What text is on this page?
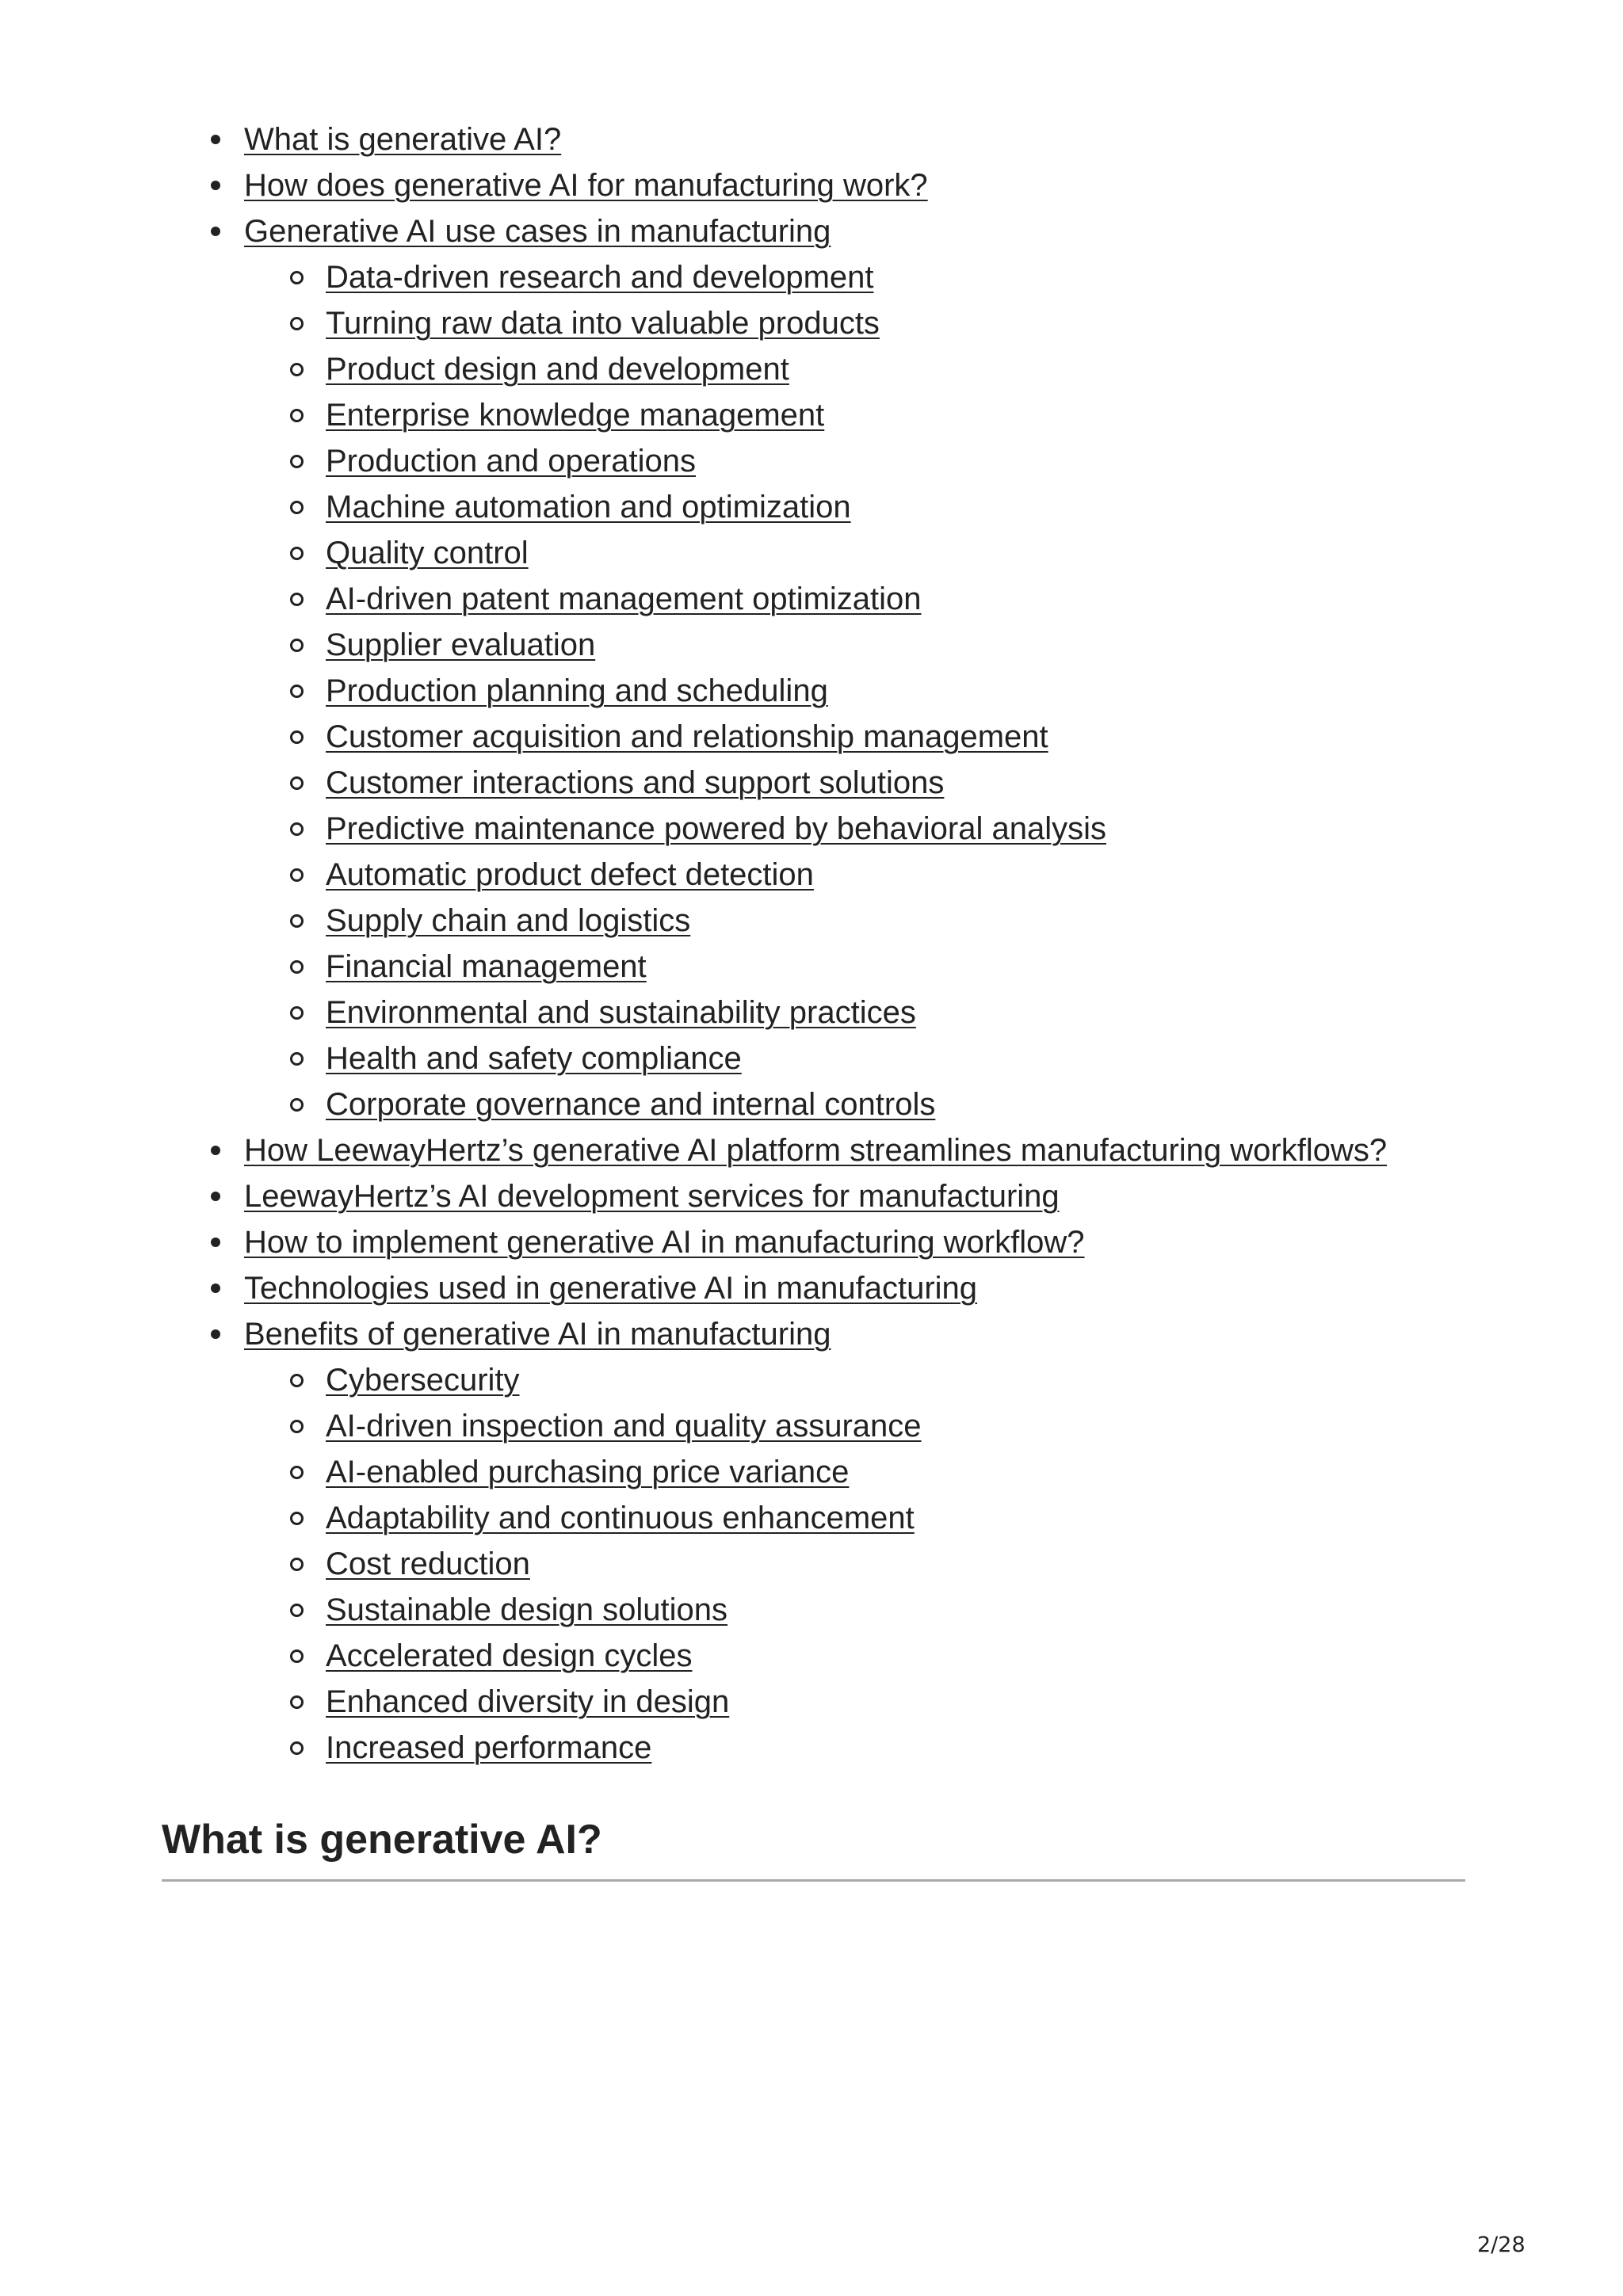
What is generative AI?
How does generative AI for manufacturing work?
Generative AI use cases in manufacturing
Data-driven research and development
Turning raw data into valuable products
Product design and development
Enterprise knowledge management
Production and operations
Machine automation and optimization
Quality control
AI-driven patent management optimization
Supplier evaluation
Production planning and scheduling
Customer acquisition and relationship management
Customer interactions and support solutions
Predictive maintenance powered by behavioral analysis
Automatic product defect detection
Supply chain and logistics
Financial management
Environmental and sustainability practices
Health and safety compliance
Corporate governance and internal controls
How LeewayHertz’s generative AI platform streamlines manufacturing workflows?
LeewayHertz’s AI development services for manufacturing
How to implement generative AI in manufacturing workflow?
Technologies used in generative AI in manufacturing
Benefits of generative AI in manufacturing
Cybersecurity
AI-driven inspection and quality assurance
AI-enabled purchasing price variance
Adaptability and continuous enhancement
Cost reduction
Sustainable design solutions
Accelerated design cycles
Enhanced diversity in design
Increased performance
What is generative AI?
2/28
